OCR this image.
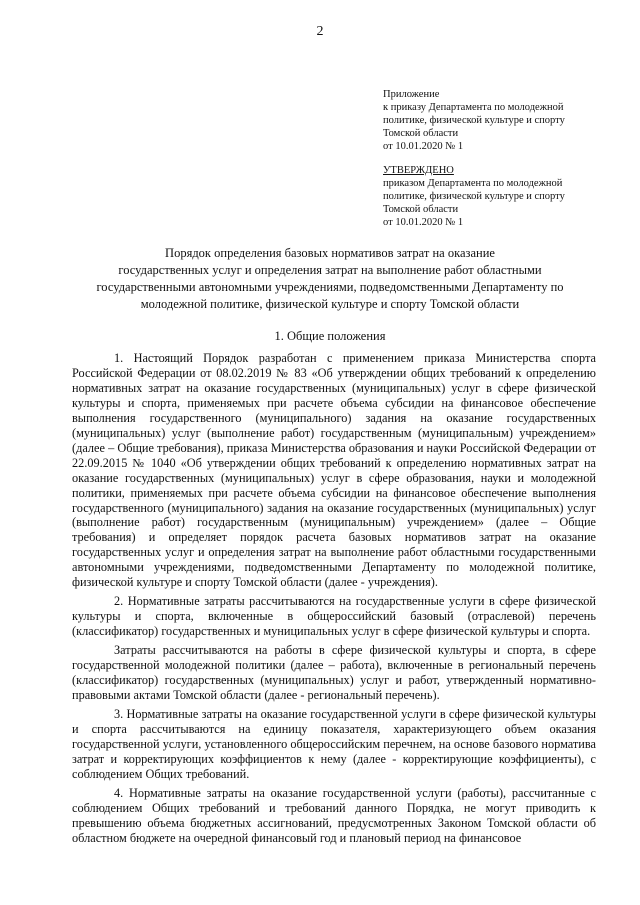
2
Приложение
к приказу Департамента по молодежной
политике, физической культуре и спорту
Томской области
от 10.01.2020 № 1
УТВЕРЖДЕНО
приказом Департамента по молодежной
политике, физической культуре и спорту
Томской области
от 10.01.2020 № 1
Порядок определения базовых нормативов затрат на оказание
государственных услуг и определения затрат на выполнение работ областными
государственными автономными учреждениями, подведомственными Департаменту по
молодежной политике, физической культуре и спорту Томской области
1. Общие положения

1. Настоящий Порядок разработан с применением приказа Министерства спорта Российской Федерации от 08.02.2019 № 83 «Об утверждении общих требований к определению нормативных затрат на оказание государственных (муниципальных) услуг в сфере физической культуры и спорта, применяемых при расчете объема субсидии на финансовое обеспечение выполнения государственного (муниципального) задания на оказание государственных (муниципальных) услуг (выполнение работ) государственным (муниципальным) учреждением» (далее – Общие требования), приказа Министерства образования и науки Российской Федерации от 22.09.2015 № 1040 «Об утверждении общих требований к определению нормативных затрат на оказание государственных (муниципальных) услуг в сфере образования, науки и молодежной политики, применяемых при расчете объема субсидии на финансовое обеспечение выполнения государственного (муниципального) задания на оказание государственных (муниципальных) услуг (выполнение работ) государственным (муниципальным) учреждением» (далее – Общие требования) и определяет порядок расчета базовых нормативов затрат на оказание государственных услуг и определения затрат на выполнение работ областными государственными автономными учреждениями, подведомственными Департаменту по молодежной политике, физической культуре и спорту Томской области (далее - учреждения).

2. Нормативные затраты рассчитываются на государственные услуги в сфере физической культуры и спорта, включенные в общероссийский базовый (отраслевой) перечень (классификатор) государственных и муниципальных услуг в сфере физической культуры и спорта.

Затраты рассчитываются на работы в сфере физической культуры и спорта, в сфере государственной молодежной политики (далее – работа), включенные в региональный перечень (классификатор) государственных (муниципальных) услуг и работ, утвержденный нормативно-правовыми актами Томской области (далее - региональный перечень).

3. Нормативные затраты на оказание государственной услуги в сфере физической культуры и спорта рассчитываются на единицу показателя, характеризующего объем оказания государственной услуги, установленного общероссийским перечнем, на основе базового норматива затрат и корректирующих коэффициентов к нему (далее - корректирующие коэффициенты), с соблюдением Общих требований.

4. Нормативные затраты на оказание государственной услуги (работы), рассчитанные с соблюдением Общих требований и требований данного Порядка, не могут приводить к превышению объема бюджетных ассигнований, предусмотренных Законом Томской области об областном бюджете на очередной финансовый год и плановый период на финансовое
